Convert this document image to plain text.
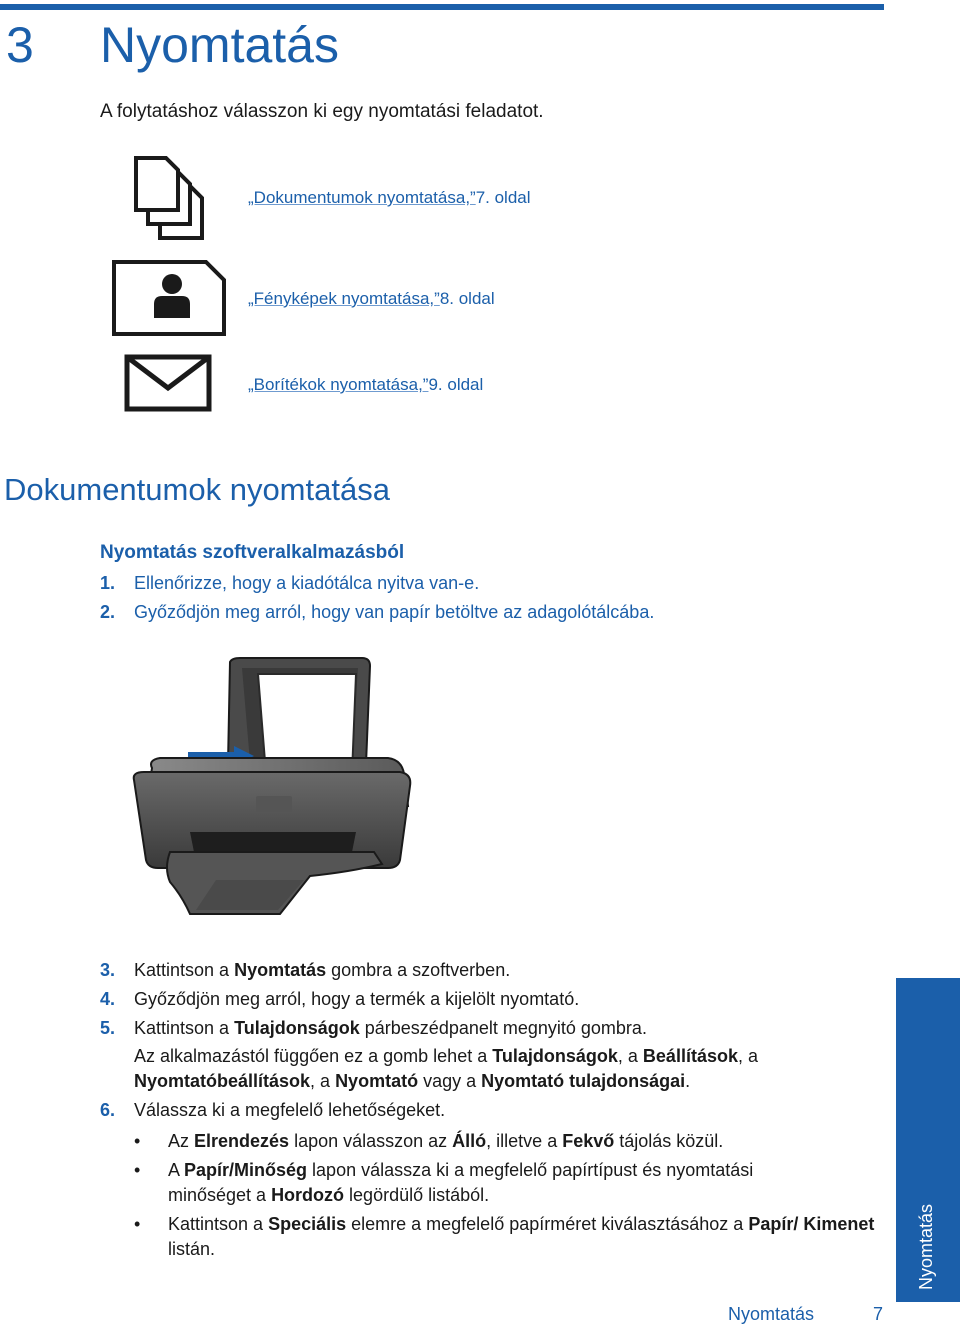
3 Nyomtatás
A folytatáshoz válasszon ki egy nyomtatási feladatot.
„Dokumentumok nyomtatása,”7. oldal
„Fényképek nyomtatása,”8. oldal
„Borítékok nyomtatása,”9. oldal
Dokumentumok nyomtatása
Nyomtatás szoftveralkalmazásból
1. Ellenőrizze, hogy a kiadótálca nyitva van-e.
2. Győződjön meg arról, hogy van papír betöltve az adagolótálcába.
3. Kattintson a Nyomtatás gombra a szoftverben.
4. Győződjön meg arról, hogy a termék a kijelölt nyomtató.
5. Kattintson a Tulajdonságok párbeszédpanelt megnyitó gombra.
Az alkalmazástól függően ez a gomb lehet a Tulajdonságok, a Beállítások, a Nyomtatóbeállítások, a Nyomtató vagy a Nyomtató tulajdonságai.
6. Válassza ki a megfelelő lehetőségeket.
• Az Elrendezés lapon válasszon az Álló, illetve a Fekvő tájolás közül.
• A Papír/Minőség lapon válassza ki a megfelelő papírtípust és nyomtatási minőséget a Hordozó legördülő listából.
• Kattintson a Speciális elemre a megfelelő papírméret kiválasztásához a Papír/ Kimenet listán.	Nyomtatás
Nyomtatás	7
